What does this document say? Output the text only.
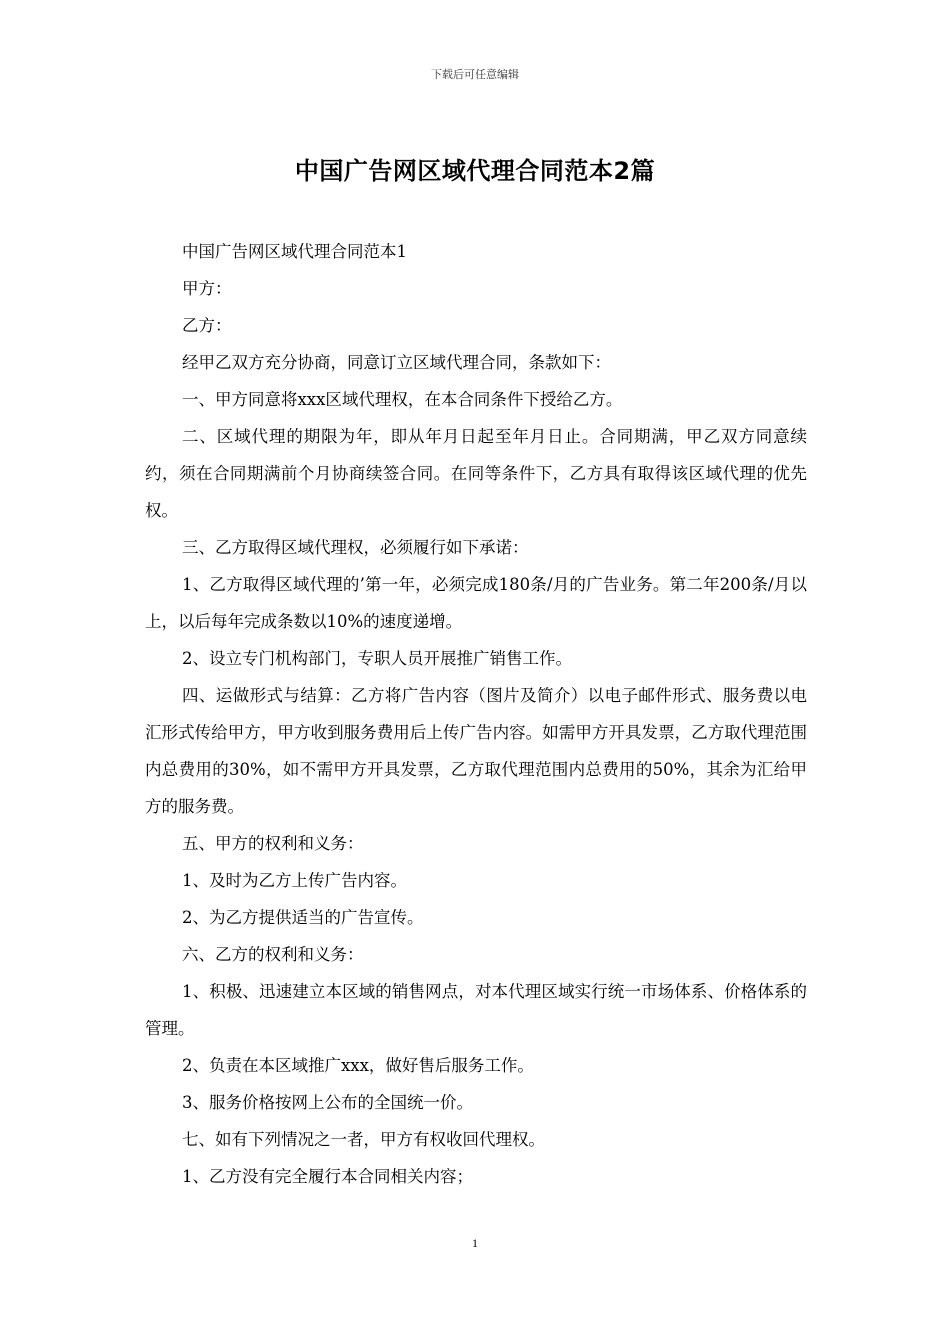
下载后可任意编辑
中国广告网区域代理合同范本2篇

中国广告网区域代理合同范本1

甲方：

乙方：

经甲乙双方充分协商，同意订立区域代理合同，条款如下：

一、甲方同意将xxx区域代理权，在本合同条件下授给乙方。

二、区域代理的期限为年，即从年月日起至年月日止。合同期满，甲乙双方同意续约，须在合同期满前个月协商续签合同。在同等条件下，乙方具有取得该区域代理的优先权。

三、乙方取得区域代理权，必须履行如下承诺：

1、乙方取得区域代理的’第一年，必须完成180条/月的广告业务。第二年200条/月以上，以后每年完成条数以10%的速度递增。

2、设立专门机构部门，专职人员开展推广销售工作。

四、运做形式与结算：乙方将广告内容（图片及简介）以电子邮件形式、服务费以电汇形式传给甲方，甲方收到服务费用后上传广告内容。如需甲方开具发票，乙方取代理范围内总费用的30%，如不需甲方开具发票，乙方取代理范围内总费用的50%，其余为汇给甲方的服务费。

五、甲方的权利和义务：

1、及时为乙方上传广告内容。

2、为乙方提供适当的广告宣传。

六、乙方的权利和义务：

1、积极、迅速建立本区域的销售网点，对本代理区域实行统一市场体系、价格体系的管理。

2、负责在本区域推广xxx，做好售后服务工作。

3、服务价格按网上公布的全国统一价。

七、如有下列情况之一者，甲方有权收回代理权。

1、乙方没有完全履行本合同相关内容；

1
